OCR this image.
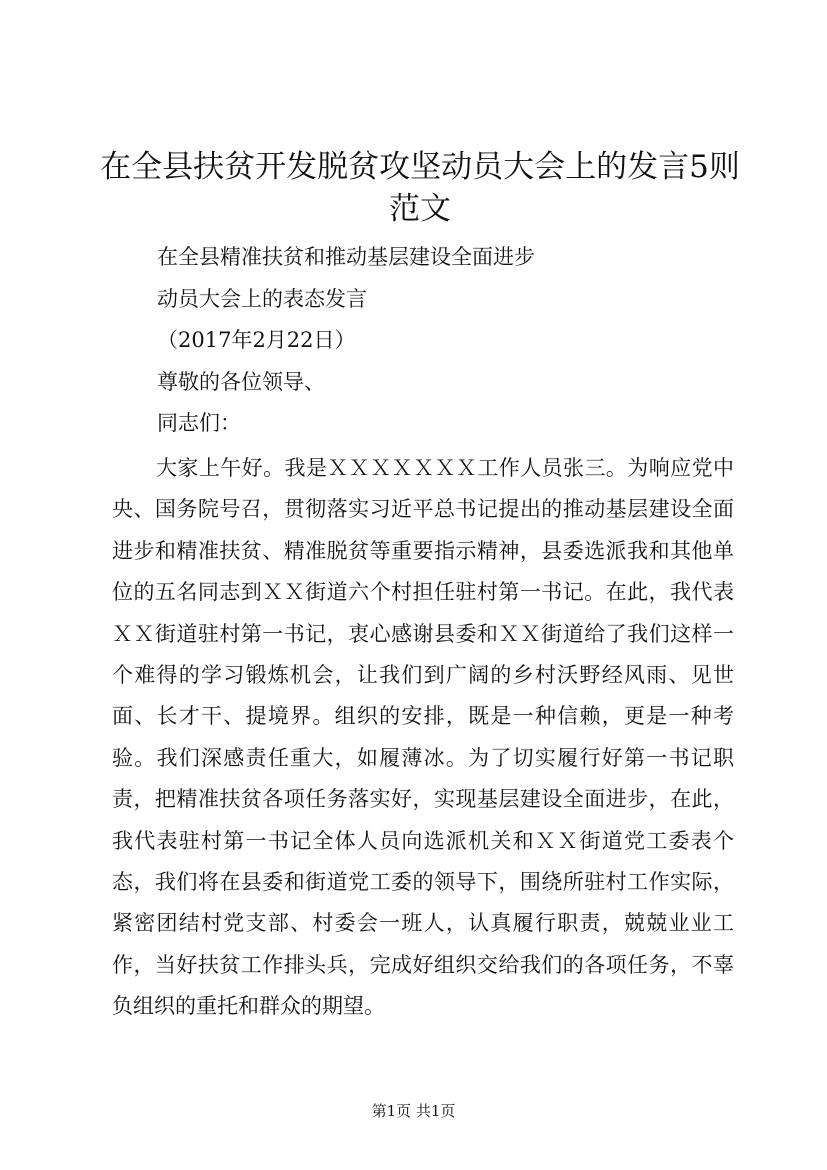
在全县扶贫开发脱贫攻坚动员大会上的发言5则范文

在全县精准扶贫和推动基层建设全面进步

动员大会上的表态发言

（2017年2月22日）

尊敬的各位领导、

同志们：

大家上午好。我是ＸＸＸＸＸＸＸ工作人员张三。为响应党中央、国务院号召，贯彻落实习近平总书记提出的推动基层建设全面进步和精准扶贫、精准脱贫等重要指示精神，县委选派我和其他单位的五名同志到ＸＸ街道六个村担任驻村第一书记。在此，我代表ＸＸ街道驻村第一书记，衷心感谢县委和ＸＸ街道给了我们这样一个难得的学习锻炼机会，让我们到广阔的乡村沃野经风雨、见世面、长才干、提境界。组织的安排，既是一种信赖，更是一种考验。我们深感责任重大，如履薄冰。为了切实履行好第一书记职责，把精准扶贫各项任务落实好，实现基层建设全面进步，在此，我代表驻村第一书记全体人员向选派机关和ＸＸ街道党工委表个态，我们将在县委和街道党工委的领导下，围绕所驻村工作实际，紧密团结村党支部、村委会一班人，认真履行职责，兢兢业业工作，当好扶贫工作排头兵，完成好组织交给我们的各项任务，不辜负组织的重托和群众的期望。

第1页 共1页
